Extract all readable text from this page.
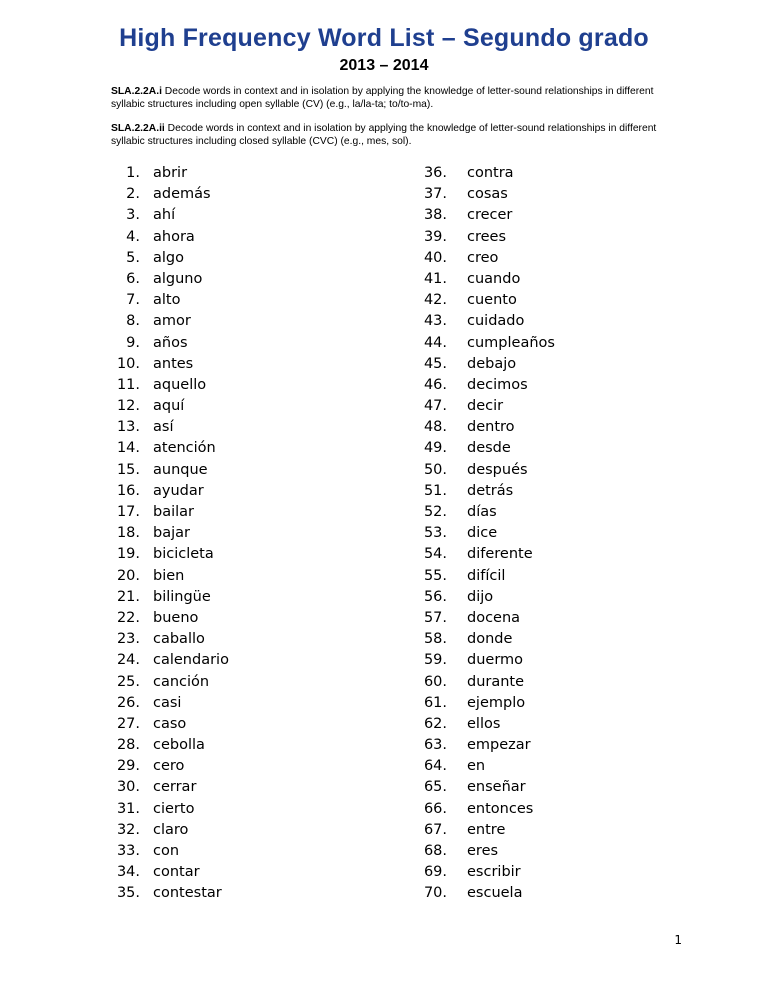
High Frequency Word List – Segundo grado
2013 – 2014
SLA.2.2A.i Decode words in context and in isolation by applying the knowledge of letter-sound relationships in different syllabic structures including open syllable (CV) (e.g., la/la-ta; to/to-ma).
SLA.2.2A.ii Decode words in context and in isolation by applying the knowledge of letter-sound relationships in different syllabic structures including closed syllable (CVC) (e.g., mes, sol).
1. abrir
2. además
3. ahí
4. ahora
5. algo
6. alguno
7. alto
8. amor
9. años
10. antes
11. aquello
12. aquí
13. así
14. atención
15. aunque
16. ayudar
17. bailar
18. bajar
19. bicicleta
20. bien
21. bilingüe
22. bueno
23. caballo
24. calendario
25. canción
26. casi
27. caso
28. cebolla
29. cero
30. cerrar
31. cierto
32. claro
33. con
34. contar
35. contestar
36. contra
37. cosas
38. crecer
39. crees
40. creo
41. cuando
42. cuento
43. cuidado
44. cumpleaños
45. debajo
46. decimos
47. decir
48. dentro
49. desde
50. después
51. detrás
52. días
53. dice
54. diferente
55. difícil
56. dijo
57. docena
58. donde
59. duermo
60. durante
61. ejemplo
62. ellos
63. empezar
64. en
65. enseñar
66. entonces
67. entre
68. eres
69. escribir
70. escuela
1
